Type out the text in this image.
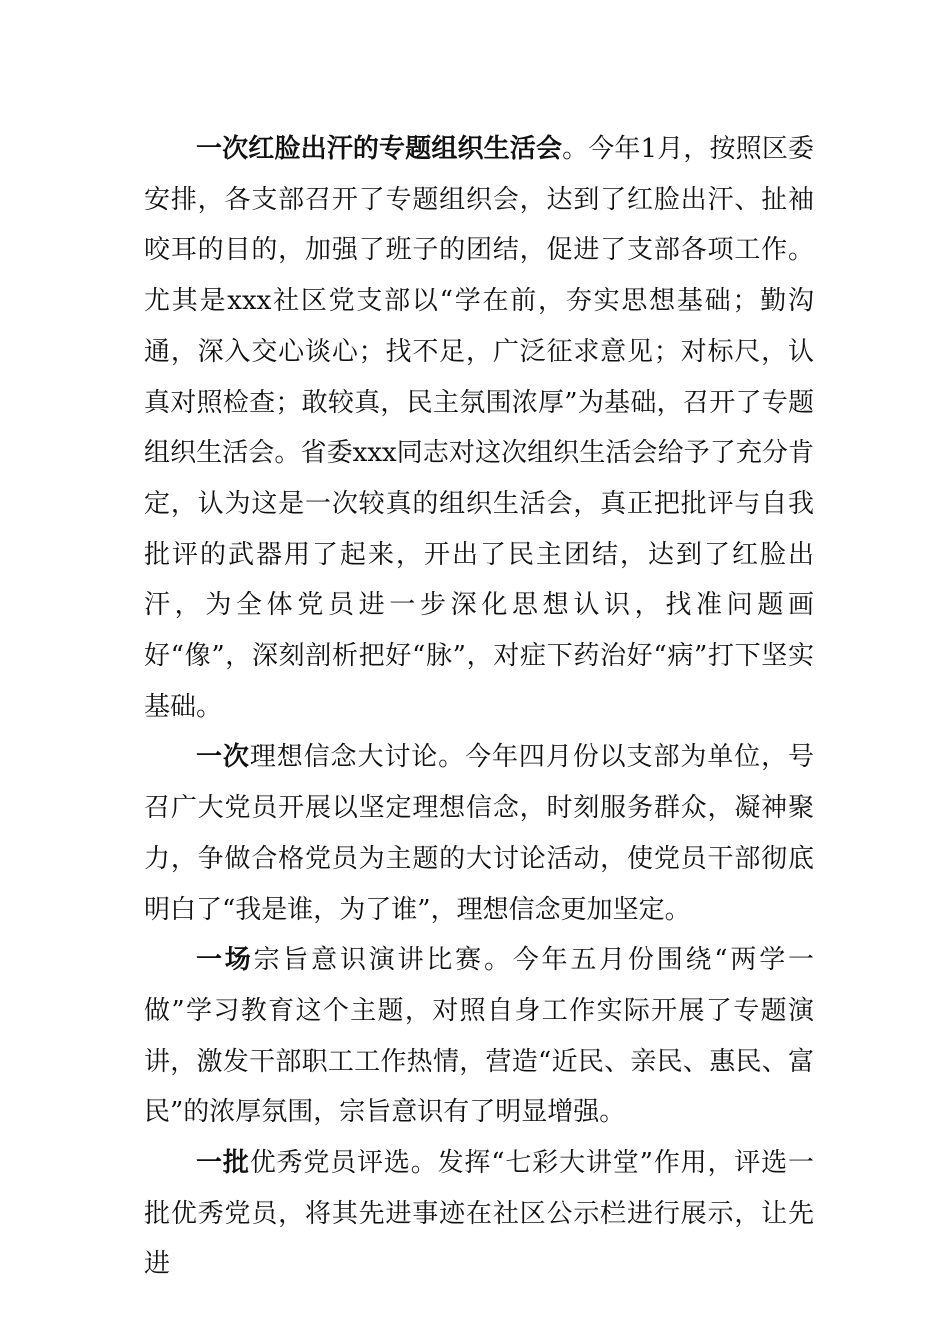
一次红脸出汗的专题组织生活会。今年1月，按照区委安排，各支部召开了专题组织会，达到了红脸出汗、扯袖咬耳的目的，加强了班子的团结，促进了支部各项工作。尤其是xxx社区党支部以“学在前，夯实思想基础；勤沟通，深入交心谈心；找不足，广泛征求意见；对标尺，认真对照检查；敢较真，民主氛围浓厚”为基础，召开了专题组织生活会。省委xxx同志对这次组织生活会给予了充分肯定，认为这是一次较真的组织生活会，真正把批评与自我批评的武器用了起来，开出了民主团结，达到了红脸出汗，为全体党员进一步深化思想认识，找准问题画好“像”，深刻剖析把好“脉”，对症下药治好“病”打下坚实基础。

一次理想信念大讨论。今年四月份以支部为单位，号召广大党员开展以坚定理想信念，时刻服务群众，凝神聚力，争做合格党员为主题的大讨论活动，使党员干部彻底明白了“我是谁，为了谁”，理想信念更加坚定。

一场宗旨意识演讲比赛。今年五月份围绕“两学一做”学习教育这个主题，对照自身工作实际开展了专题演讲，激发干部职工工作热情，营造“近民、亲民、惠民、富民”的浓厚氛围，宗旨意识有了明显增强。

一批优秀党员评选。发挥“七彩大讲堂”作用，评选一批优秀党员，将其先进事迹在社区公示栏进行展示，让先进
